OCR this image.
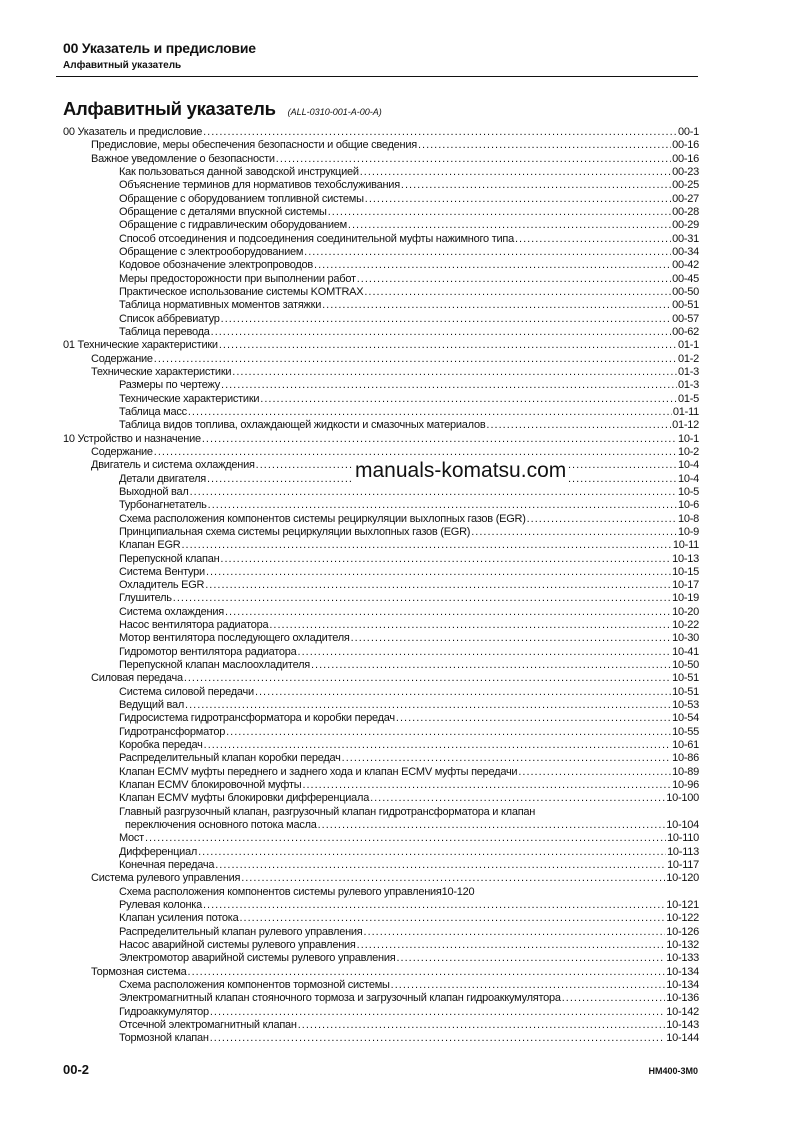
00 Указатель и предисловие
Алфавитный указатель
Алфавитный указатель (ALL-0310-001-A-00-A)
00 Указатель и предисловие .....	00-1
Предисловие, меры обеспечения безопасности и общие сведения .....	00-16
Важное уведомление о безопасности .....	00-16
Как пользоваться данной заводской инструкцией .....	00-23
Объяснение терминов для нормативов техобслуживания .....	00-25
Обращение с оборудованием топливной системы .....	00-27
Обращение с деталями впускной системы .....	00-28
Обращение с гидравлическим оборудованием .....	00-29
Способ отсоединения и подсоединения соединительной муфты нажимного типа .....	00-31
Обращение с электрооборудованием .....	00-34
Кодовое обозначение электропроводов .....	00-42
Меры предосторожности при выполнении работ .....	00-45
Практическое использование системы KOMTRAX .....	00-50
Таблица нормативных моментов затяжки .....	00-51
Список аббревиатур .....	00-57
Таблица перевода .....	00-62
01 Технические характеристики .....	01-1
Содержание .....	01-2
Технические характеристики .....	01-3
Размеры по чертежу .....	01-3
Технические характеристики .....	01-5
Таблица масс .....	01-11
Таблица видов топлива, охлаждающей жидкости и смазочных материалов .....	01-12
10 Устройство и назначение .....	10-1
Содержание .....	10-2
Двигатель и система охлаждения .....	10-4
Детали двигателя .....	10-4
Выходной вал .....	10-5
Турбонагнетатель .....	10-6
Схема расположения компонентов системы рециркуляции выхлопных газов (EGR) .....	10-8
Принципиальная схема системы рециркуляции выхлопных газов (EGR) .....	10-9
Клапан EGR .....	10-11
Перепускной клапан .....	10-13
Система Вентури .....	10-15
Охладитель EGR .....	10-17
Глушитель .....	10-19
Система охлаждения .....	10-20
Насос вентилятора радиатора .....	10-22
Мотор вентилятора последующего охладителя .....	10-30
Гидромотор вентилятора радиатора .....	10-41
Перепускной клапан маслоохладителя .....	10-50
Силовая передача .....	10-51
Система силовой передачи .....	10-51
Ведущий вал .....	10-53
Гидросистема гидротрансформатора и коробки передач .....	10-54
Гидротрансформатор .....	10-55
Коробка передач .....	10-61
Распределительный клапан коробки передач .....	10-86
Клапан ECMV муфты переднего и заднего хода и клапан ECMV муфты передачи .....	10-89
Клапан ECMV блокировочной муфты .....	10-96
Клапан ECMV муфты блокировки дифференциала .....	10-100
Главный разгрузочный клапан, разгрузочный клапан гидротрансформатора и клапан
переключения основного потока масла .....	10-104
Мост .....	10-110
Дифференциал .....	10-113
Конечная передача .....	10-117
Система рулевого управления .....	10-120
Схема расположения компонентов системы рулевого управления 10-120
Рулевая колонка .....	10-121
Клапан усиления потока .....	10-122
Распределительный клапан рулевого управления .....	10-126
Насос аварийной системы рулевого управления .....	10-132
Электромотор аварийной системы рулевого управления .....	10-133
Тормозная система .....	10-134
Схема расположения компонентов тормозной системы .....	10-134
Электромагнитный клапан стояночного тормоза и загрузочный клапан гидроаккумулятора .....	10-136
Гидроаккумулятор .....	10-142
Отсечной электромагнитный клапан .....	10-143
Тормозной клапан .....	10-144
manuals-komatsu.com
00-2	HM400-3M0
